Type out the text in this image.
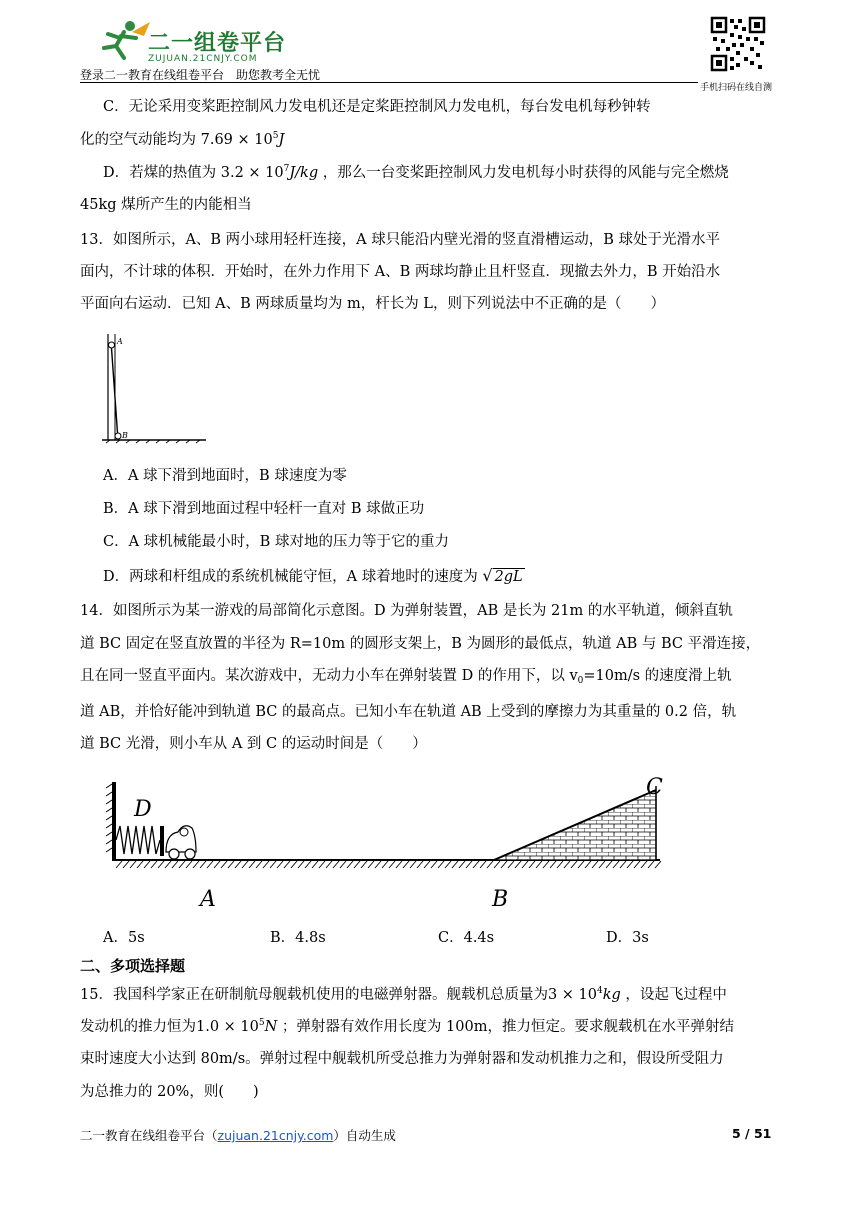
二一组卷平台
ZUJUAN.21CNJY.COM
登录二一教育在线组卷平台　助您教考全无忧
手机扫码在线自测
C．无论采用变桨距控制风力发电机还是定桨距控制风力发电机，每台发电机每秒钟转
化的空气动能均为 $7.69 \times 10^5J$
D．若煤的热值为 $3.2 \times 10^7J/kg$ ，那么一台变桨距控制风力发电机每小时获得的风能与完全燃烧
45kg 煤所产生的内能相当
13．如图所示，A、B 两小球用轻杆连接，A 球只能沿内壁光滑的竖直滑槽运动，B 球处于光滑水平
面内，不计球的体积．开始时，在外力作用下 A、B 两球均静止且杆竖直．现撤去外力，B 开始沿水
平面向右运动．已知 A、B 两球质量均为 m，杆长为 L，则下列说法中不正确的是（　　）
A
B
A．A 球下滑到地面时，B 球速度为零
B．A 球下滑到地面过程中轻杆一直对 B 球做正功
C．A 球机械能最小时，B 球对地的压力等于它的重力
D．两球和杆组成的系统机械能守恒，A 球着地时的速度为 √ 2gL
14．如图所示为某一游戏的局部简化示意图。D 为弹射装置，AB 是长为 21m 的水平轨道，倾斜直轨
道 BC 固定在竖直放置的半径为 R=10m 的圆形支架上，B 为圆形的最低点，轨道 AB 与 BC 平滑连接，
且在同一竖直平面内。某次游戏中，无动力小车在弹射装置 D 的作用下，以 $v_0=10m/s$ 的速度滑上轨
道 AB，并恰好能冲到轨道 BC 的最高点。已知小车在轨道 AB 上受到的摩擦力为其重量的 0.2 倍，轨
道 BC 光滑，则小车从 A 到 C 的运动时间是（　　）
D
A	B
C
A．5s	B．4.8s	C．4.4s	D．3s
二、多项选择题
15．我国科学家正在研制航母舰载机使用的电磁弹射器。舰载机总质量为$3 \times 10^4kg$ ，设起飞过程中
发动机的推力恒为$1.0 \times 10^5N$ ；弹射器有效作用长度为 100m，推力恒定。要求舰载机在水平弹射结
束时速度大小达到 80m/s。弹射过程中舰载机所受总推力为弹射器和发动机推力之和，假设所受阻力
为总推力的 20%，则(　　)
二一教育在线组卷平台（zujuan.21cnjy.com）自动生成	5 / 51
